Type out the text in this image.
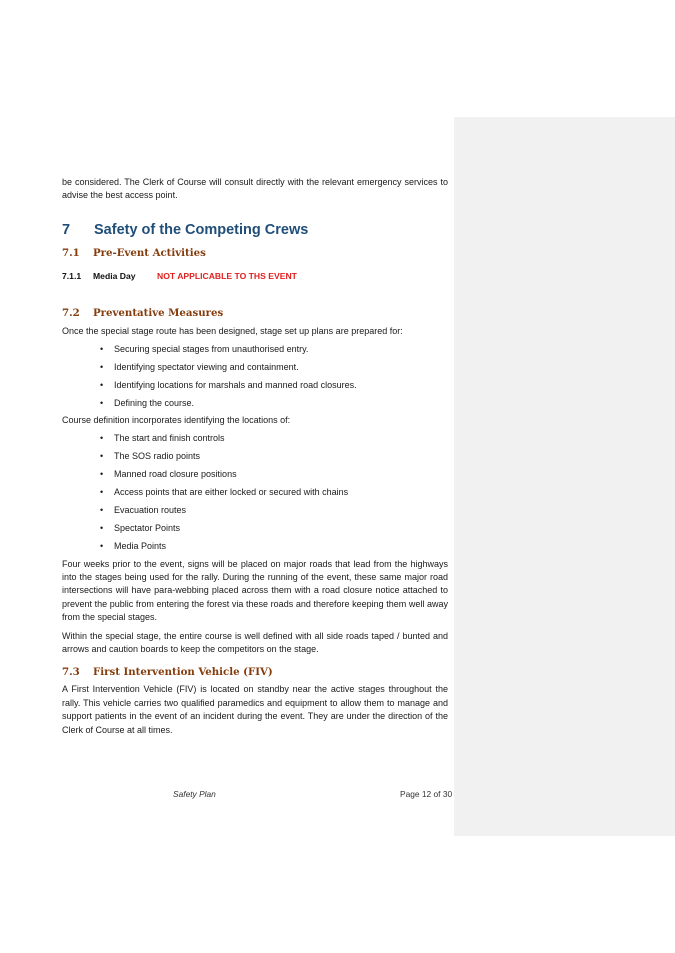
be considered. The Clerk of Course will consult directly with the relevant emergency services to advise the best access point.

7 Safety of the Competing Crews
7.1 Pre-Event Activities
7.1.1 Media Day NOT APPLICABLE TO THS EVENT
7.2 Preventative Measures

Once the special stage route has been designed, stage set up plans are prepared for:

• Securing special stages from unauthorised entry.
• Identifying spectator viewing and containment.
• Identifying locations for marshals and manned road closures.
• Defining the course.

Course definition incorporates identifying the locations of:

• The start and finish controls
• The SOS radio points
• Manned road closure positions
• Access points that are either locked or secured with chains
• Evacuation routes
• Spectator Points
• Media Points

Four weeks prior to the event, signs will be placed on major roads that lead from the highways into the stages being used for the rally. During the running of the event, these same major road intersections will have para-webbing placed across them with a road closure notice attached to prevent the public from entering the forest via these roads and therefore keeping them well away from the special stages.

Within the special stage, the entire course is well defined with all side roads taped / bunted and arrows and caution boards to keep the competitors on the stage.

7.3 First Intervention Vehicle (FIV)

A First Intervention Vehicle (FIV) is located on standby near the active stages throughout the rally. This vehicle carries two qualified paramedics and equipment to allow them to manage and support patients in the event of an incident during the event. They are under the direction of the Clerk of Course at all times.

Safety Plan	Page 12 of 30
